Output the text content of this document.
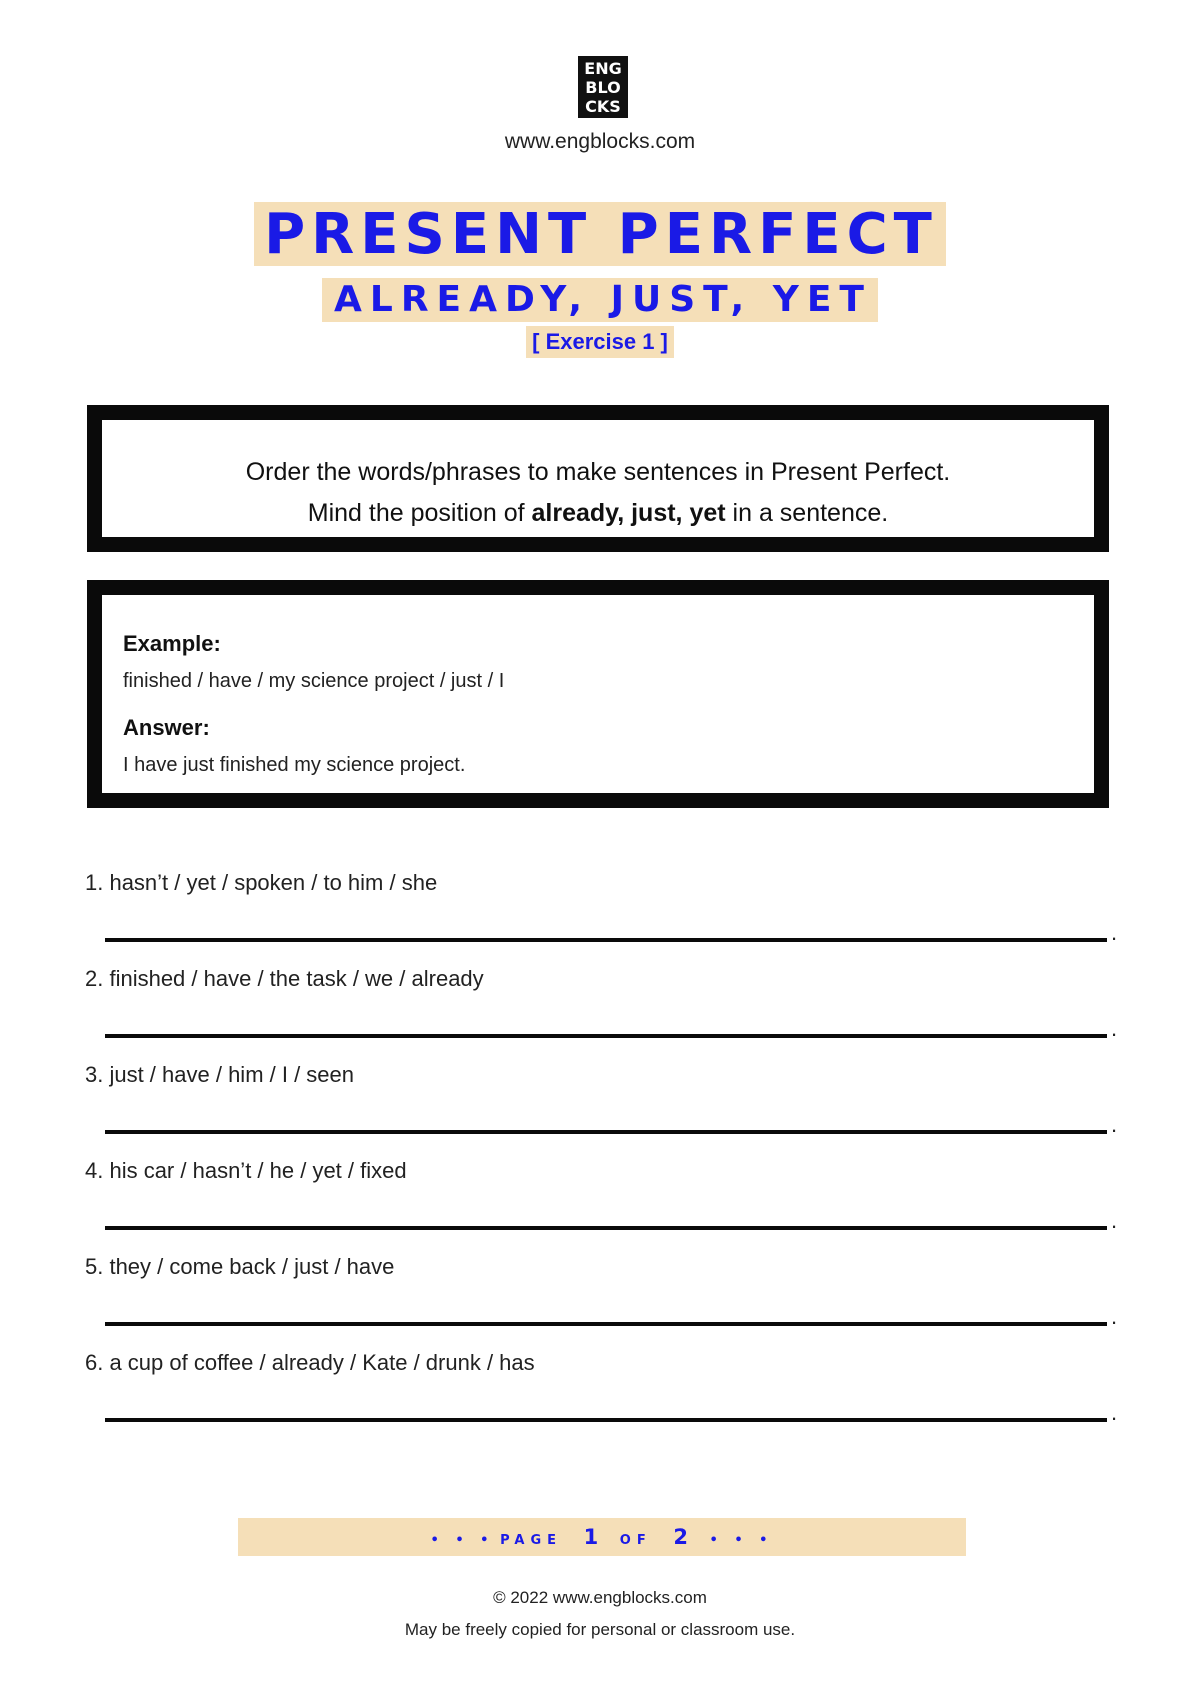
ENG
BLO
CKS
www.engblocks.com
PRESENT PERFECT
ALREADY, JUST, YET
[ Exercise 1 ]
Order the words/phrases to make sentences in Present Perfect.
Mind the position of already, just, yet in a sentence.
Example:
finished / have / my science project / just / I
Answer:
I have just finished my science project.
1. hasn’t / yet / spoken / to him / she
.
2. finished / have / the task / we / already
.
3. just / have / him / I / seen
.
4. his car / hasn’t / he / yet / fixed
.
5. they / come back / just / have
.
6. a cup of coffee / already / Kate / drunk / has
.
• • • PAGE 1 OF 2 • • •
© 2022 www.engblocks.com
May be freely copied for personal or classroom use.
